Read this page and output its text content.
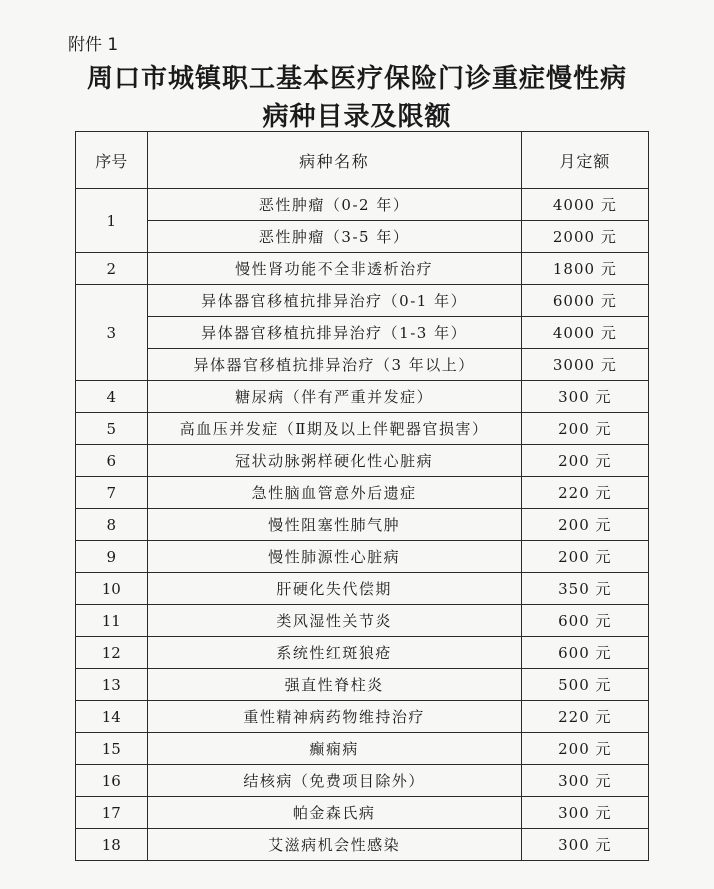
附件 1
周口市城镇职工基本医疗保险门诊重症慢性病
病种目录及限额
序号	病种名称	月定额
1	恶性肿瘤（0-2 年）	4000 元
	恶性肿瘤（3-5 年）	2000 元
2	慢性肾功能不全非透析治疗	1800 元
3	异体器官移植抗排异治疗（0-1 年）	6000 元
	异体器官移植抗排异治疗（1-3 年）	4000 元
	异体器官移植抗排异治疗（3 年以上）	3000 元
4	糖尿病（伴有严重并发症）	300 元
5	高血压并发症（Ⅱ期及以上伴靶器官损害）	200 元
6	冠状动脉粥样硬化性心脏病	200 元
7	急性脑血管意外后遗症	220 元
8	慢性阻塞性肺气肿	200 元
9	慢性肺源性心脏病	200 元
10	肝硬化失代偿期	350 元
11	类风湿性关节炎	600 元
12	系统性红斑狼疮	600 元
13	强直性脊柱炎	500 元
14	重性精神病药物维持治疗	220 元
15	癫痫病	200 元
16	结核病（免费项目除外）	300 元
17	帕金森氏病	300 元
18	艾滋病机会性感染	300 元
